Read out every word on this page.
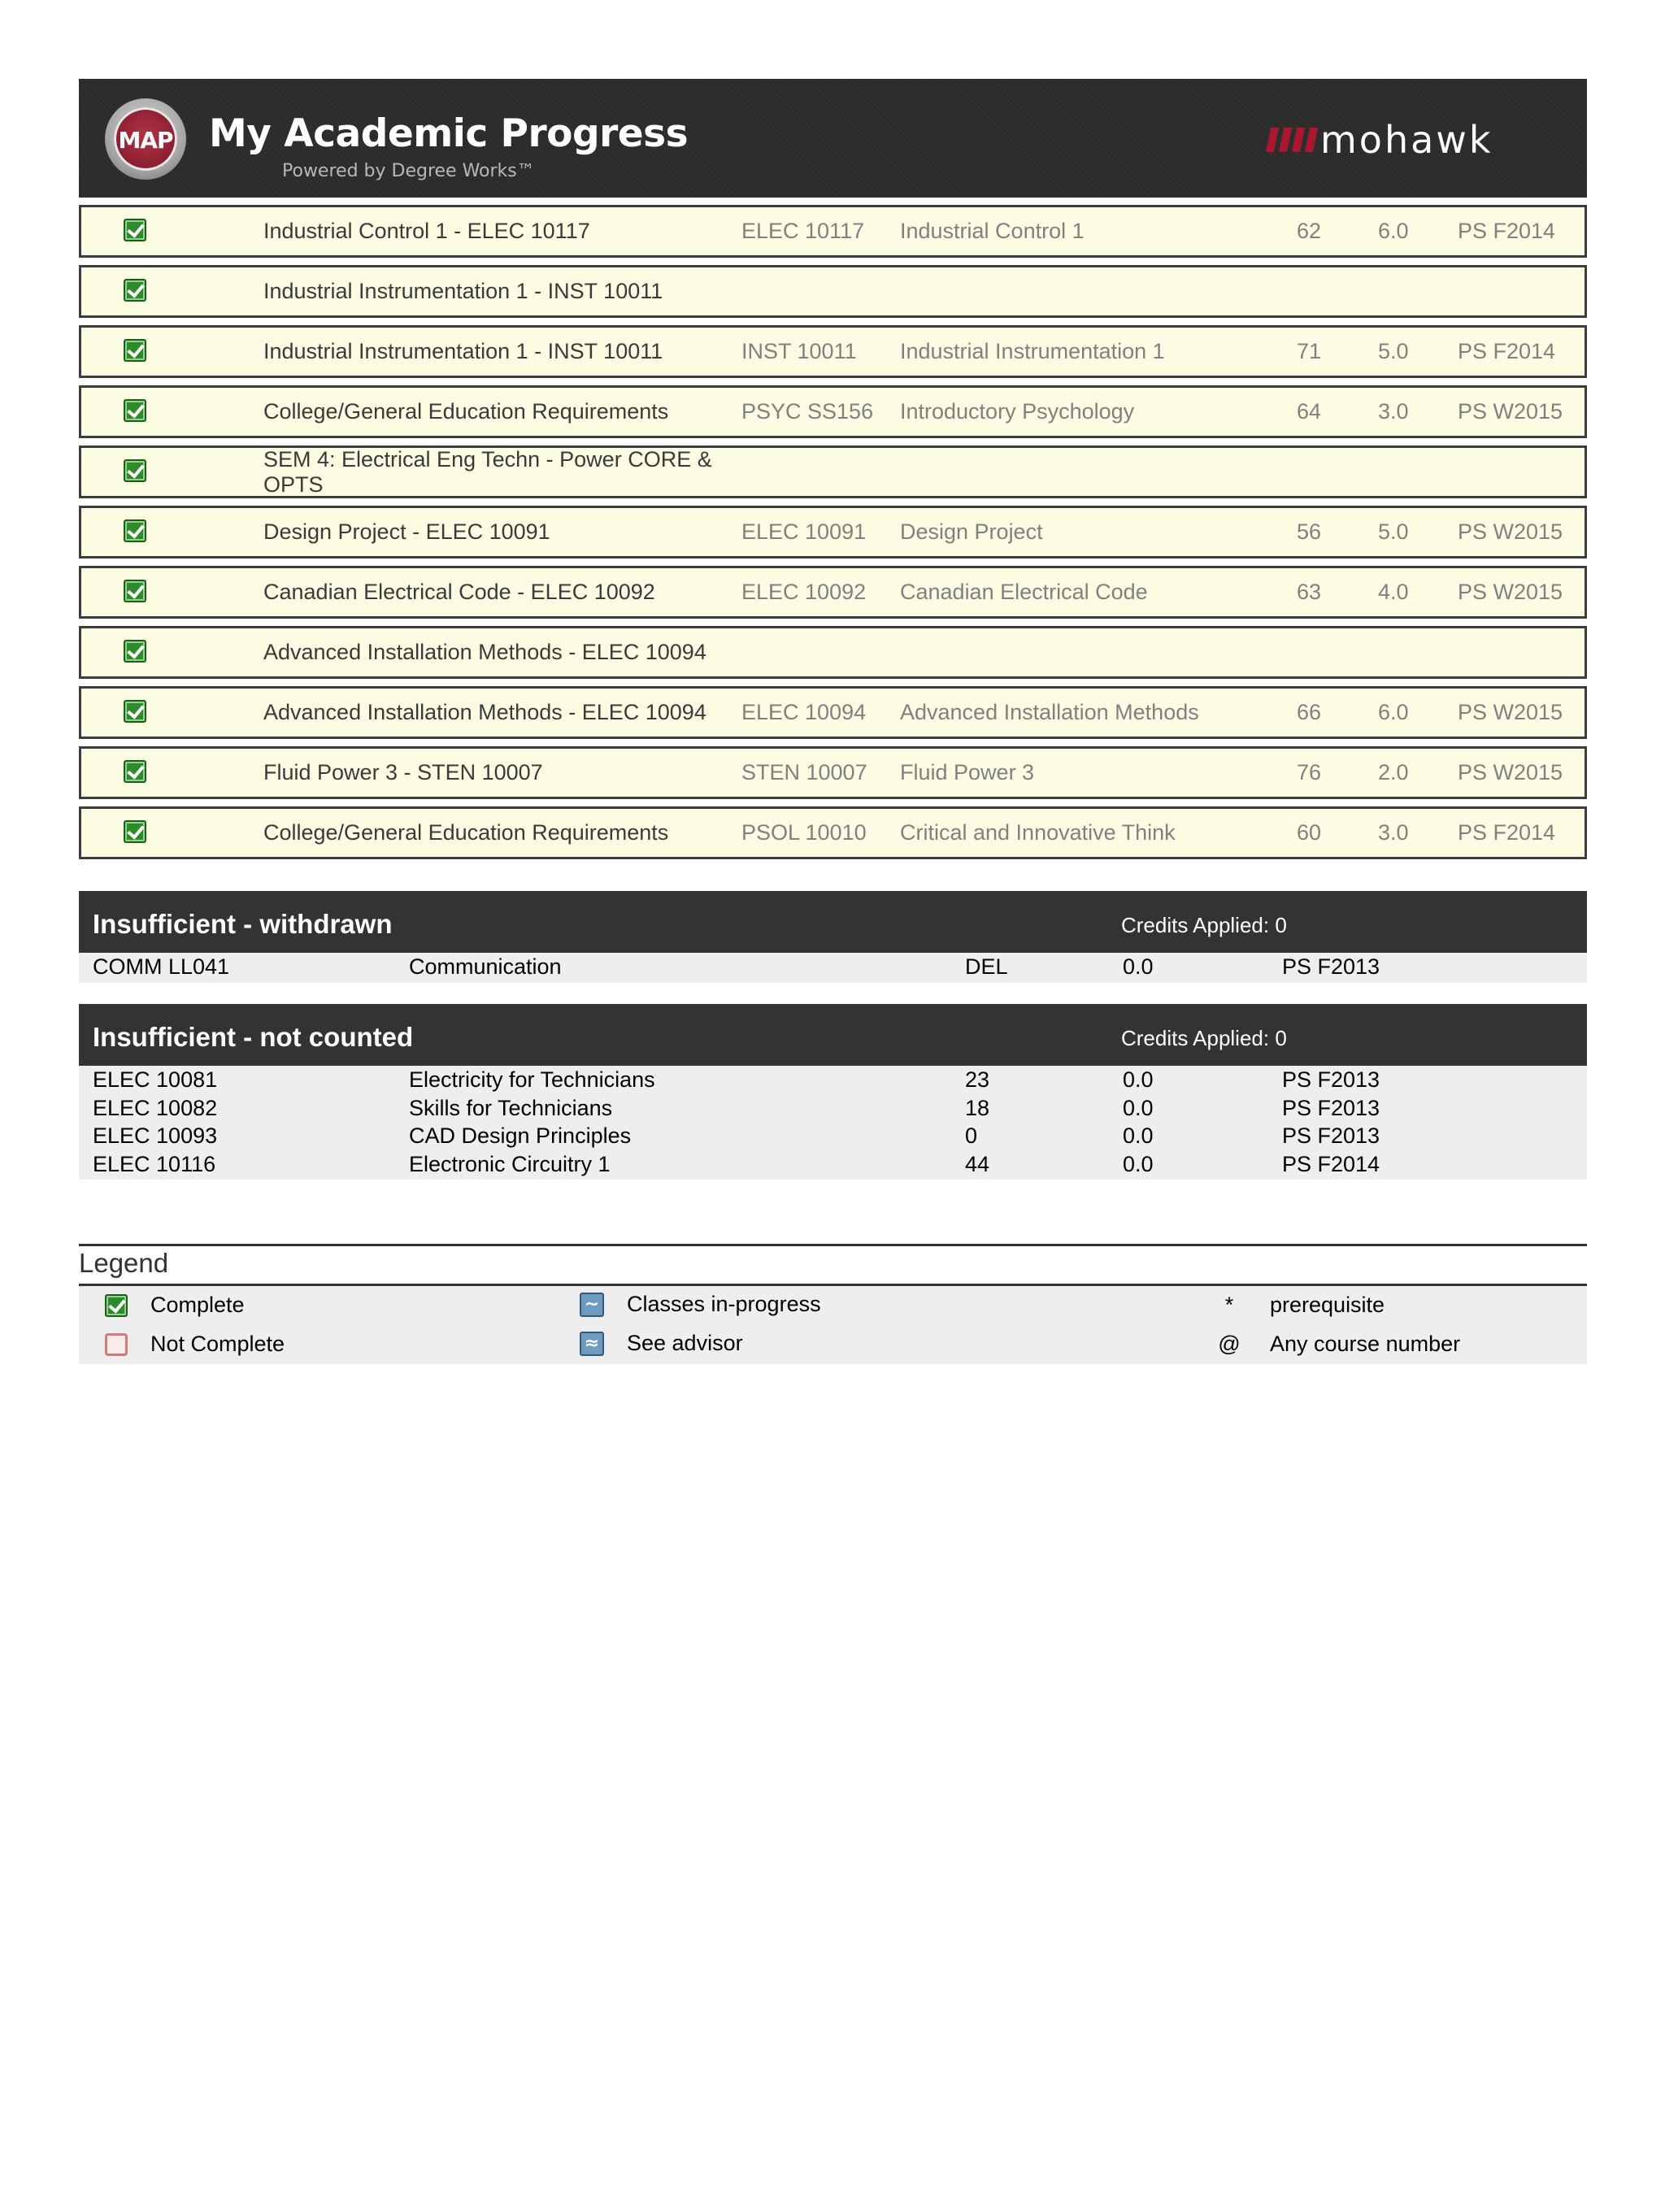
MAP My Academic Progress
Powered by Degree Works™
mohawk
Industrial Control 1 - ELEC 10117	ELEC 10117 Industrial Control 1	62	6.0 PS F2014
Industrial Instrumentation 1 - INST 10011
Industrial Instrumentation 1 - INST 10011	INST 10011 Industrial Instrumentation 1	71	5.0 PS F2014
College/General Education Requirements	PSYC SS156 Introductory Psychology	64	3.0 PS W2015
SEM 4: Electrical Eng Techn - Power CORE & OPTS
Design Project - ELEC 10091	ELEC 10091 Design Project	56	5.0 PS W2015
Canadian Electrical Code - ELEC 10092	ELEC 10092 Canadian Electrical Code	63	4.0 PS W2015
Advanced Installation Methods - ELEC 10094
Advanced Installation Methods - ELEC 10094	ELEC 10094 Advanced Installation Methods	66	6.0 PS W2015
Fluid Power 3 - STEN 10007	STEN 10007 Fluid Power 3	76	2.0 PS W2015
College/General Education Requirements	PSOL 10010 Critical and Innovative Think	60	3.0 PS F2014
Insufficient - withdrawn	Credits Applied: 0
COMM LL041	Communication	DEL	0.0	PS F2013
Insufficient - not counted	Credits Applied: 0
ELEC 10081	Electricity for Technicians	23	0.0	PS F2013
ELEC 10082	Skills for Technicians	18	0.0	PS F2013
ELEC 10093	CAD Design Principles	0	0.0	PS F2013
ELEC 10116	Electronic Circuitry 1	44	0.0	PS F2014
Legend
Complete
Not Complete
~ Classes in-progress
≈ See advisor
*	prerequisite
@ Any course number
